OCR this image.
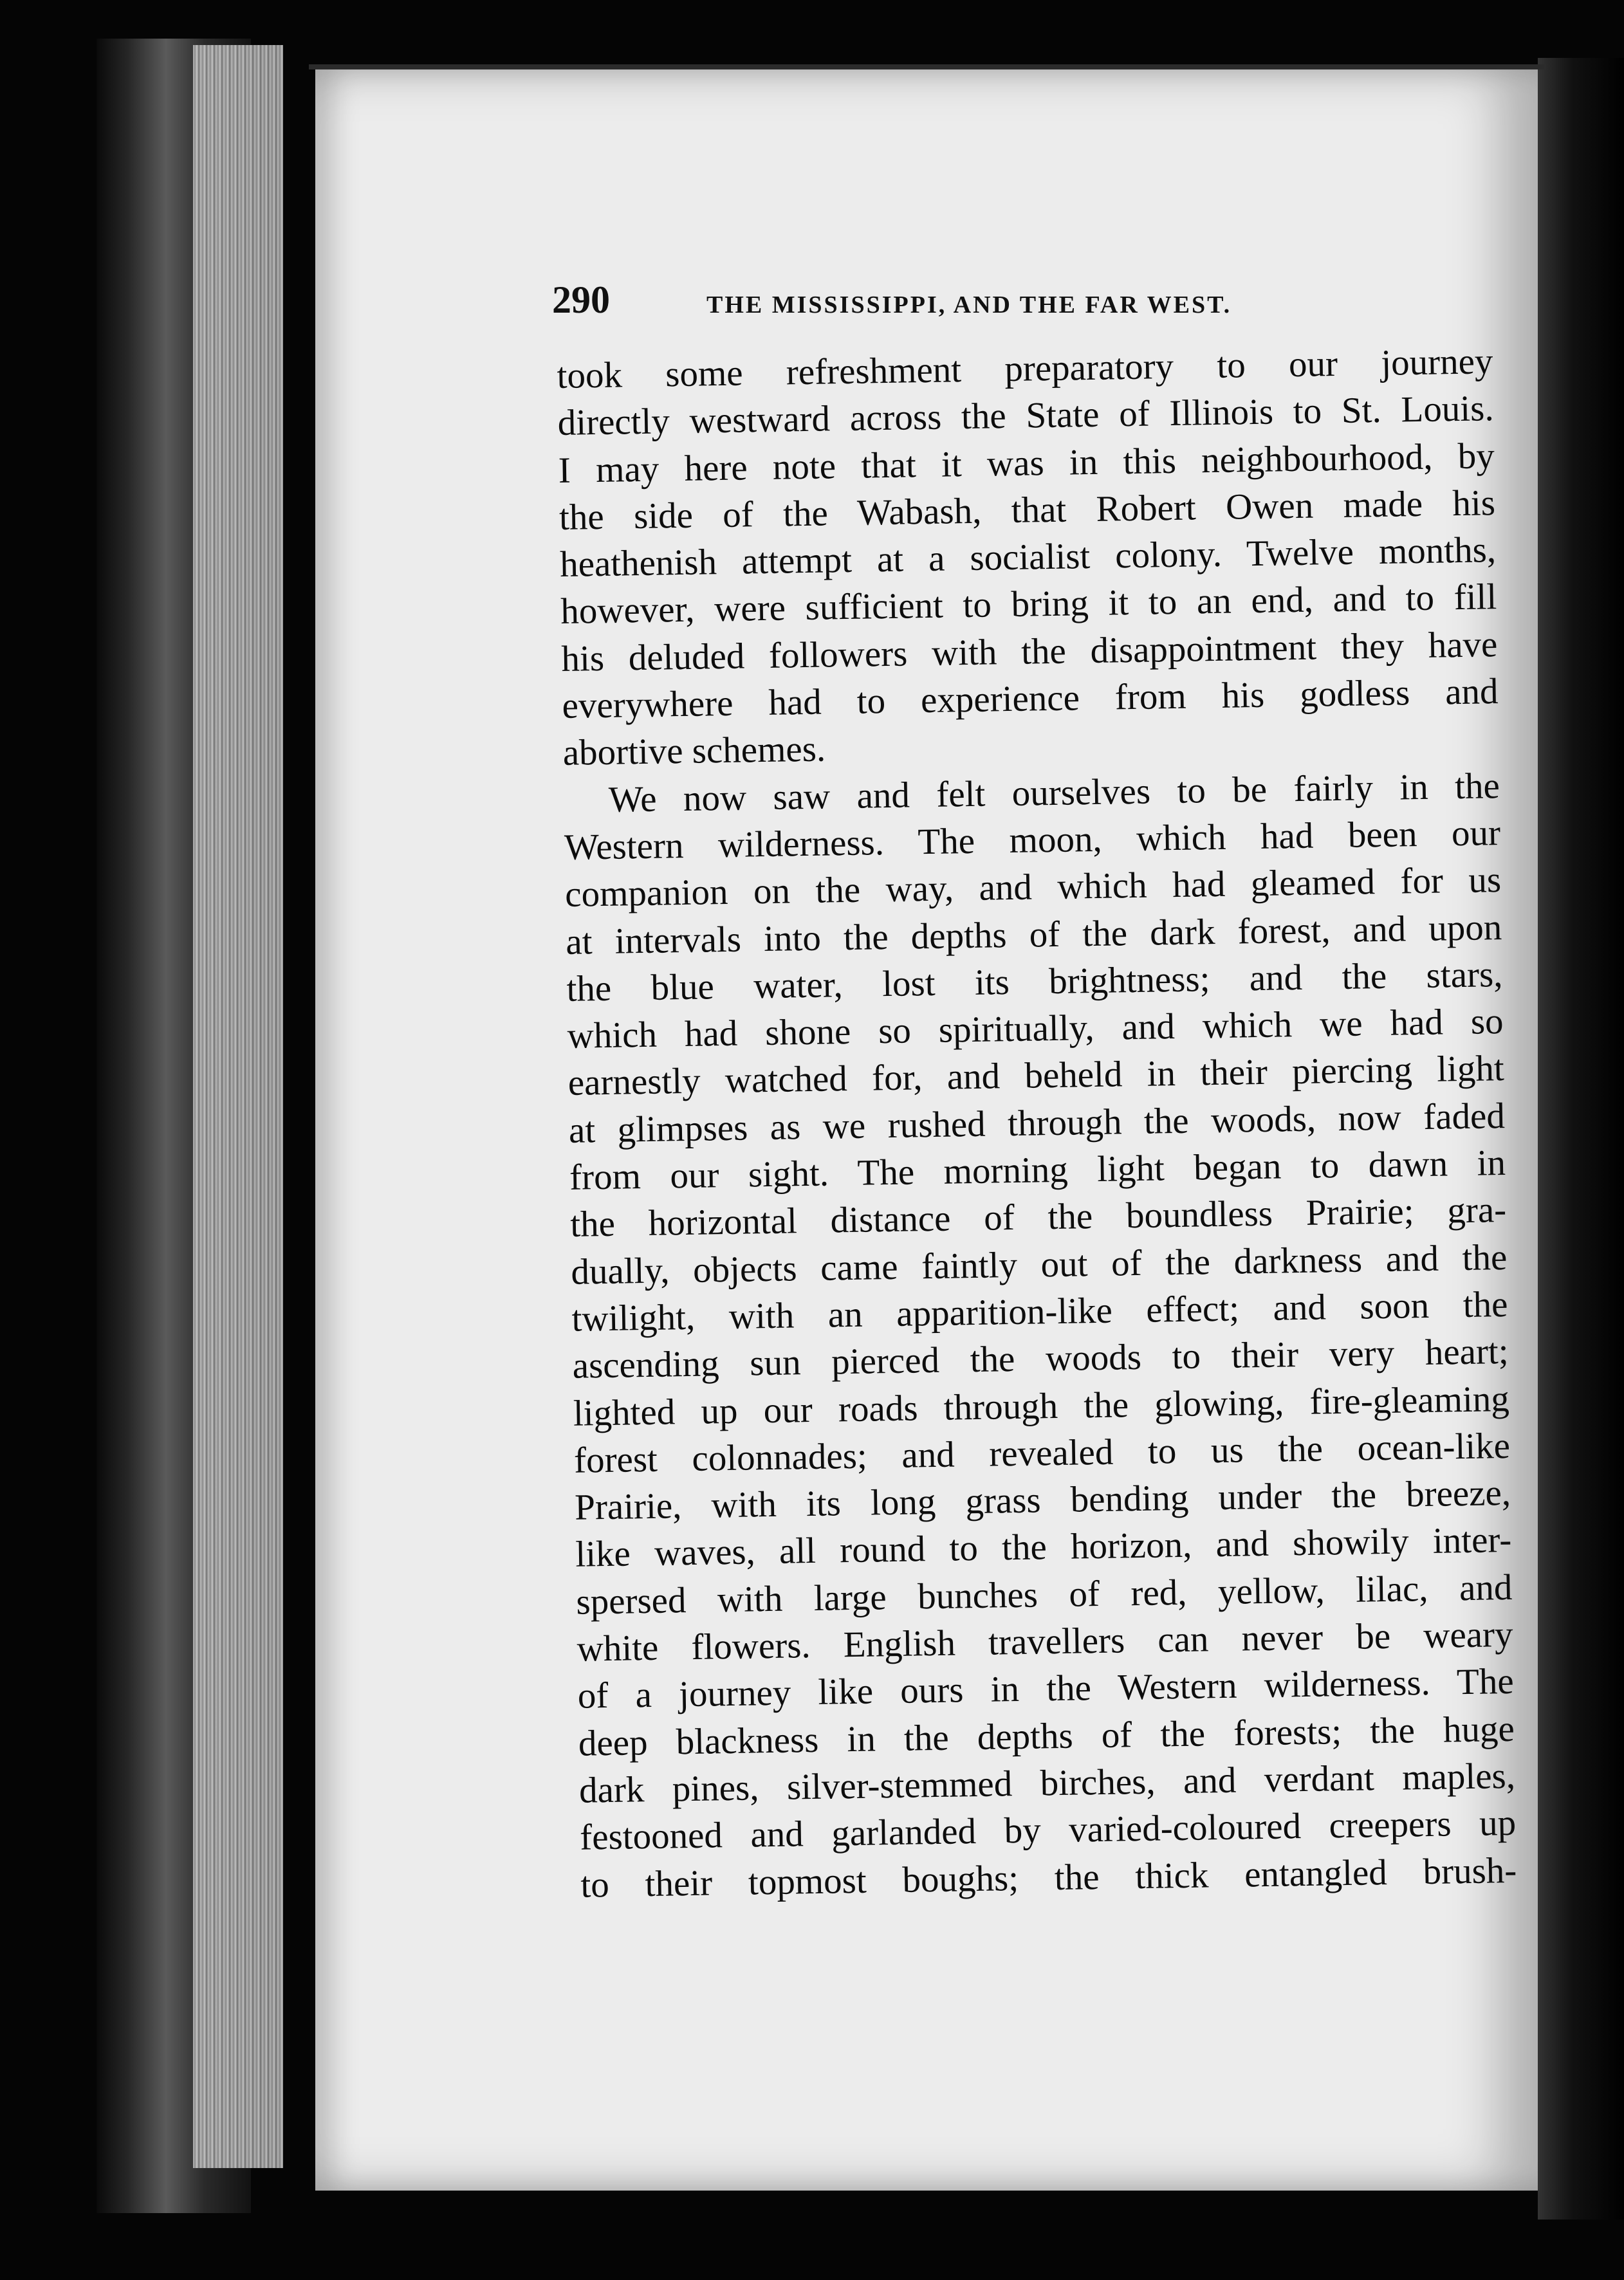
290	THE MISSISSIPPI, AND THE FAR WEST.
took some refreshment preparatory to our journey
directly westward across the State of Illinois to St. Louis.
I may here note that it was in this neighbourhood, by
the side of the Wabash, that Robert Owen made his
heathenish attempt at a socialist colony. Twelve months,
however, were sufficient to bring it to an end, and to fill
his deluded followers with the disappointment they have
everywhere had to experience from his godless and
abortive schemes.
We now saw and felt ourselves to be fairly in the
Western wilderness. The moon, which had been our
companion on the way, and which had gleamed for us
at intervals into the depths of the dark forest, and upon
the blue water, lost its brightness; and the stars,
which had shone so spiritually, and which we had so
earnestly watched for, and beheld in their piercing light
at glimpses as we rushed through the woods, now faded
from our sight. The morning light began to dawn in
the horizontal distance of the boundless Prairie; gra-
dually, objects came faintly out of the darkness and the
twilight, with an apparition-like effect; and soon the
ascending sun pierced the woods to their very heart;
lighted up our roads through the glowing, fire-gleaming
forest colonnades; and revealed to us the ocean-like
Prairie, with its long grass bending under the breeze,
like waves, all round to the horizon, and showily inter-
spersed with large bunches of red, yellow, lilac, and
white flowers. English travellers can never be weary
of a journey like ours in the Western wilderness. The
deep blackness in the depths of the forests; the huge
dark pines, silver-stemmed birches, and verdant maples,
festooned and garlanded by varied-coloured creepers up
to their topmost boughs; the thick entangled brush-
